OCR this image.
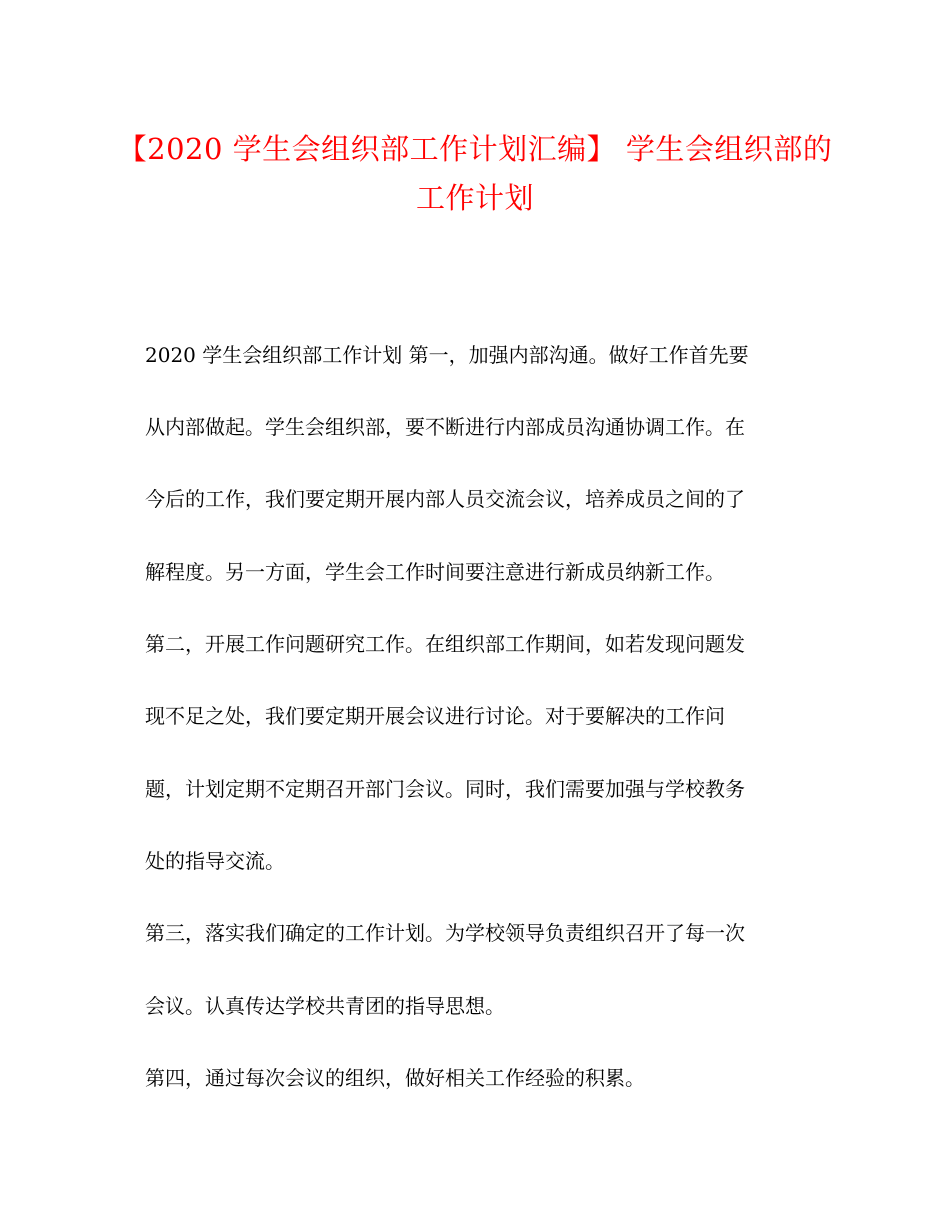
【2020 学生会组织部工作计划汇编】 学生会组织部的
工作计划

2020 学生会组织部工作计划 第一，加强内部沟通。做好工作首先要

从内部做起。学生会组织部，要不断进行内部成员沟通协调工作。在

今后的工作，我们要定期开展内部人员交流会议，培养成员之间的了

解程度。另一方面，学生会工作时间要注意进行新成员纳新工作。

第二，开展工作问题研究工作。在组织部工作期间，如若发现问题发

现不足之处，我们要定期开展会议进行讨论。对于要解决的工作问

题，计划定期不定期召开部门会议。同时，我们需要加强与学校教务

处的指导交流。

第三，落实我们确定的工作计划。为学校领导负责组织召开了每一次

会议。认真传达学校共青团的指导思想。

第四，通过每次会议的组织，做好相关工作经验的积累。
